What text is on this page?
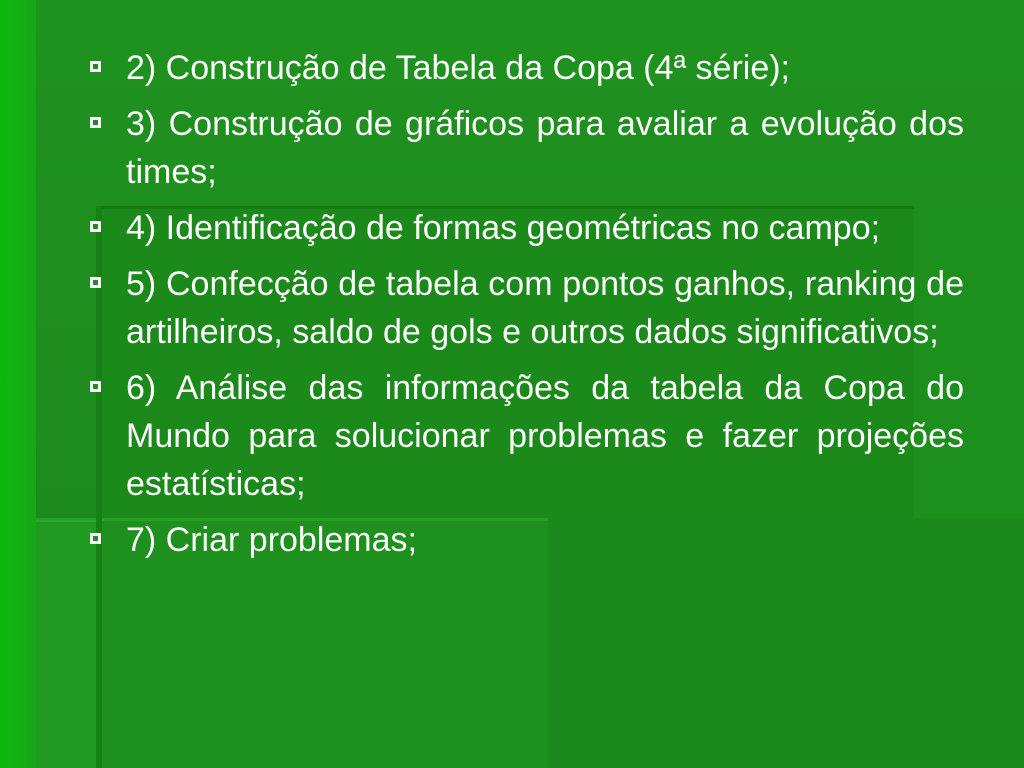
2) Construção de Tabela da Copa (4ª série);
3) Construção de gráficos para avaliar a evolução dos times;
4) Identificação de formas geométricas no campo;
5) Confecção de tabela com pontos ganhos, ranking de artilheiros, saldo de gols e outros dados significativos;
6) Análise das informações da tabela da Copa do Mundo para solucionar problemas e fazer projeções estatísticas;
7) Criar problemas;
